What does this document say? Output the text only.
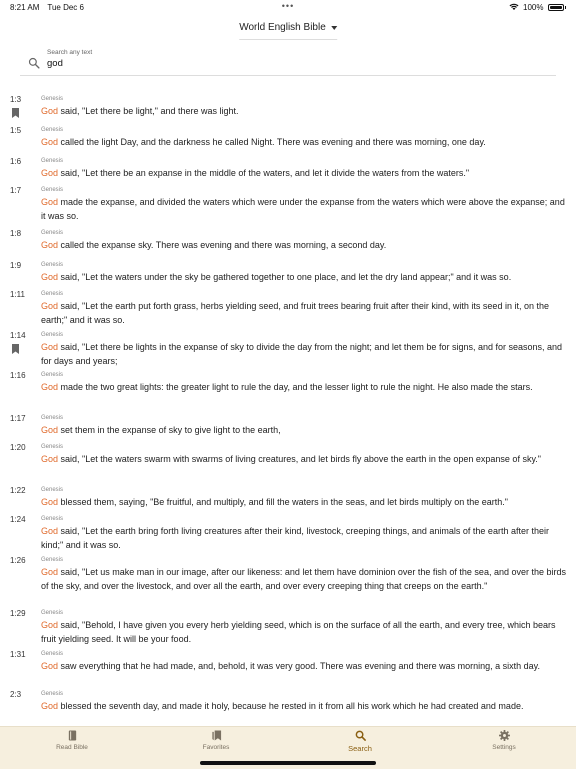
8:21 AM Tue Dec 6	•••	100%
World English Bible
Search any text
god
1:3	Genesis
God said, "Let there be light," and there was light.
1:5	Genesis
God called the light Day, and the darkness he called Night. There was evening and there was morning, one day.
1:6	Genesis
God said, "Let there be an expanse in the middle of the waters, and let it divide the waters from the waters."
1:7	Genesis
God made the expanse, and divided the waters which were under the expanse from the waters which were above the expanse; and it was so.
1:8	Genesis
God called the expanse sky. There was evening and there was morning, a second day.
1:9	Genesis
God said, "Let the waters under the sky be gathered together to one place, and let the dry land appear;" and it was so.
1:11	Genesis
God said, "Let the earth put forth grass, herbs yielding seed, and fruit trees bearing fruit after their kind, with its seed in it, on the earth;" and it was so.
1:14	Genesis
God said, "Let there be lights in the expanse of sky to divide the day from the night; and let them be for signs, and for seasons, and for days and years;
1:16	Genesis
God made the two great lights: the greater light to rule the day, and the lesser light to rule the night. He also made the stars.
1:17	Genesis
God set them in the expanse of sky to give light to the earth,
1:20	Genesis
God said, "Let the waters swarm with swarms of living creatures, and let birds fly above the earth in the open expanse of sky."
1:22	Genesis
God blessed them, saying, "Be fruitful, and multiply, and fill the waters in the seas, and let birds multiply on the earth."
1:24	Genesis
God said, "Let the earth bring forth living creatures after their kind, livestock, creeping things, and animals of the earth after their kind;" and it was so.
1:26	Genesis
God said, "Let us make man in our image, after our likeness: and let them have dominion over the fish of the sea, and over the birds of the sky, and over the livestock, and over all the earth, and over every creeping thing that creeps on the earth."
1:29	Genesis
God said, "Behold, I have given you every herb yielding seed, which is on the surface of all the earth, and every tree, which bears fruit yielding seed. It will be your food.
1:31	Genesis
God saw everything that he had made, and, behold, it was very good. There was evening and there was morning, a sixth day.
2:3	Genesis
God blessed the seventh day, and made it holy, because he rested in it from all his work which he had created and made.
Read Bible	Favorites	Search	Settings
